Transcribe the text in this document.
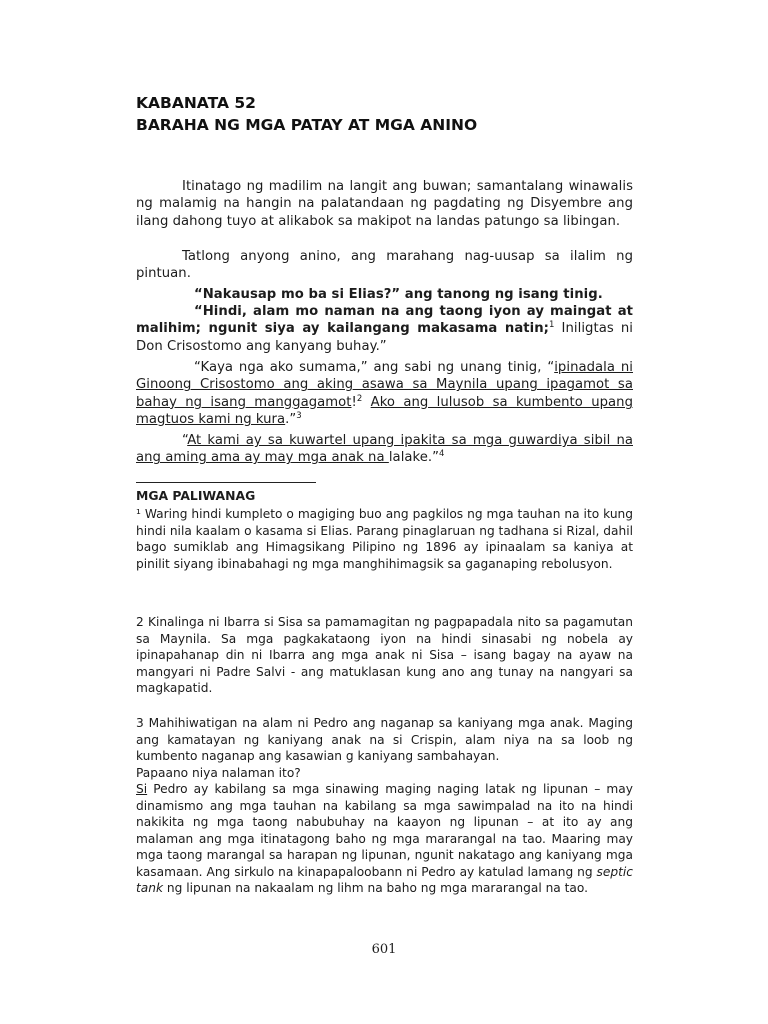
KABANATA 52
BARAHA NG MGA PATAY AT MGA ANINO

Itinatago ng madilim na langit ang buwan; samantalang winawalis ng malamig na hangin na palatandaan ng pagdating ng Disyembre ang ilang dahong tuyo at alikabok sa makipot na landas patungo sa libingan.

Tatlong anyong anino, ang marahang nag-uusap sa ilalim ng pintuan.

“Nakausap mo ba si Elias?” ang tanong ng isang tinig.

“Hindi, alam mo naman na ang taong iyon ay maingat at malihim; ngunit siya ay kailangang makasama natin;$^1$ Iniligtas ni Don Crisostomo ang kanyang buhay.”

“Kaya nga ako sumama,” ang sabi ng unang tinig, “ipinadala ni Ginoong Crisostomo ang aking asawa sa Maynila upang ipagamot sa bahay ng isang manggagamot!$^2$ Ako ang lulusob sa kumbento upang magtuos kami ng kura.”$^3$

“At kami ay sa kuwartel upang ipakita sa mga guwardiya sibil na ang aming ama ay may mga anak na lalake.”$^4$

MGA PALIWANAG

¹ Waring hindi kumpleto o magiging buo ang pagkilos ng mga tauhan na ito kung hindi nila kaalam o kasama si Elias. Parang pinaglaruan ng tadhana si Rizal, dahil bago sumiklab ang Himagsikang Pilipino ng 1896 ay ipinaalam sa kaniya at pinilit siyang ibinabahagi ng mga manghihimagsik sa gaganaping rebolusyon.

2 Kinalinga ni Ibarra si Sisa sa pamamagitan ng pagpapadala nito sa pagamutan sa Maynila. Sa mga pagkakataong iyon na hindi sinasabi ng nobela ay ipinapahanap din ni Ibarra ang mga anak ni Sisa – isang bagay na ayaw na mangyari ni Padre Salvi - ang matuklasan kung ano ang tunay na nangyari sa magkapatid.

3 Mahihiwatigan na alam ni Pedro ang naganap sa kaniyang mga anak. Maging ang kamatayan ng kaniyang anak na si Crispin, alam niya na sa loob ng kumbento naganap ang kasawian g kaniyang sambahayan.
Papaano niya nalaman ito?
Si Pedro ay kabilang sa mga sinawing maging naging latak ng lipunan – may dinamismo ang mga tauhan na kabilang sa mga sawimpalad na ito na hindi nakikita ng mga taong nabubuhay na kaayon ng lipunan – at ito ay ang malaman ang mga itinatagong baho ng mga mararangal na tao. Maaring may mga taong marangal sa harapan ng lipunan, ngunit nakatago ang kaniyang mga kasamaan. Ang sirkulo na kinapapaloobann ni Pedro ay katulad lamang ng septic tank ng lipunan na nakaalam ng lihm na baho ng mga mararangal na tao.
601
